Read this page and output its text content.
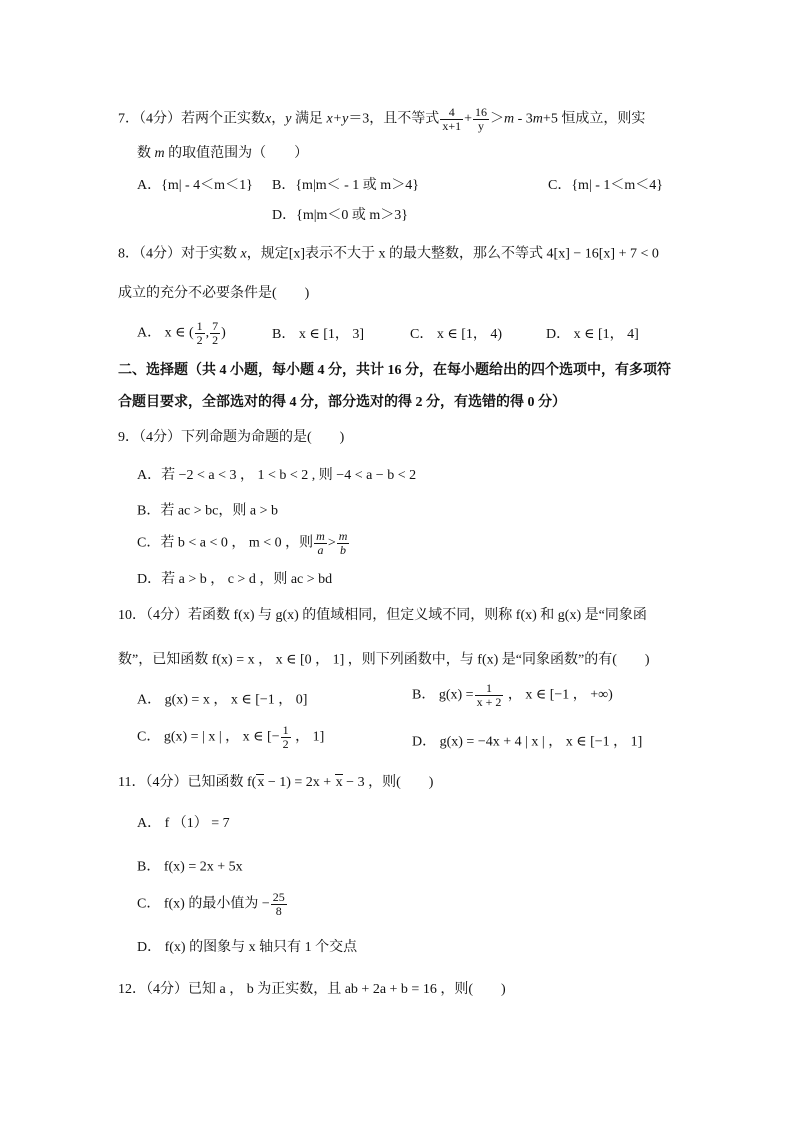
7．（4分）若两个正实数x，y 满足 x+y＝3，且不等式 $\frac{4}{x+1} + \frac{16}{y} >m - 3m+5$ 恒成立，则实
数 m 的取值范围为（　　）
A．{m| - 4＜m＜1} B．{m|m＜ - 1 或 m＞4}	C．{m| - 1＜m＜4}
D．{m|m＜0 或 m＞3}
8．（4分）对于实数 x，规定[x]表示不大于 x 的最大整数，那么不等式 4[x] − 16[x] + 7 < 0
成立的充分不必要条件是(　　)
A． x ∈ ( $\frac{1}{2}$ , $\frac{7}{2}$ )	B． x ∈ [1， 3]	C． x ∈ [1， 4)	D． x ∈ [1， 4]
二、选择题（共 4 小题，每小题 4 分，共计 16 分，在每小题给出的四个选项中，有多项符
合题目要求，全部选对的得 4 分，部分选对的得 2 分，有选错的得 0 分）
9．（4分）下列命题为命题的是(　　)
A．若 −2 < a < 3 ， 1 < b < 2 , 则 −4 < a − b < 2
B．若 ac > bc，则 a > b
C．若 b < a < 0 ， m < 0 ，则 $\frac{m}{a} > \frac{m}{b}$
D．若 a > b ， c > d ，则 ac > bd
10．（4分）若函数 f(x) 与 g(x) 的值域相同，但定义域不同，则称 f(x) 和 g(x) 是“同象函
数”，已知函数 f(x) = x ， x ∈ [0 ， 1] ，则下列函数中，与 f(x) 是“同象函数”的有(　　)
A． g(x) = x ， x ∈ [−1 ， 0]	B． $g(x) = \frac{1}{x + 2}$ ， x ∈ [−1 ， +∞)
C． g(x) = | x | ， x ∈ [− $\frac{1}{2}$ ， 1]	D． g(x) = −4x + 4 | x | ， x ∈ [−1 ， 1]
11．（4分）已知函数 f(x − 1) = 2x + x − 3 ，则(　　)
A． f （1） = 7
B． f(x) = 2x + 5x
C． f(x) 的最小值为 − $\frac{25}{8}$
D． f(x) 的图象与 x 轴只有 1 个交点
12．（4分）已知 a ， b 为正实数，且 ab + 2a + b = 16 ，则(　　)
